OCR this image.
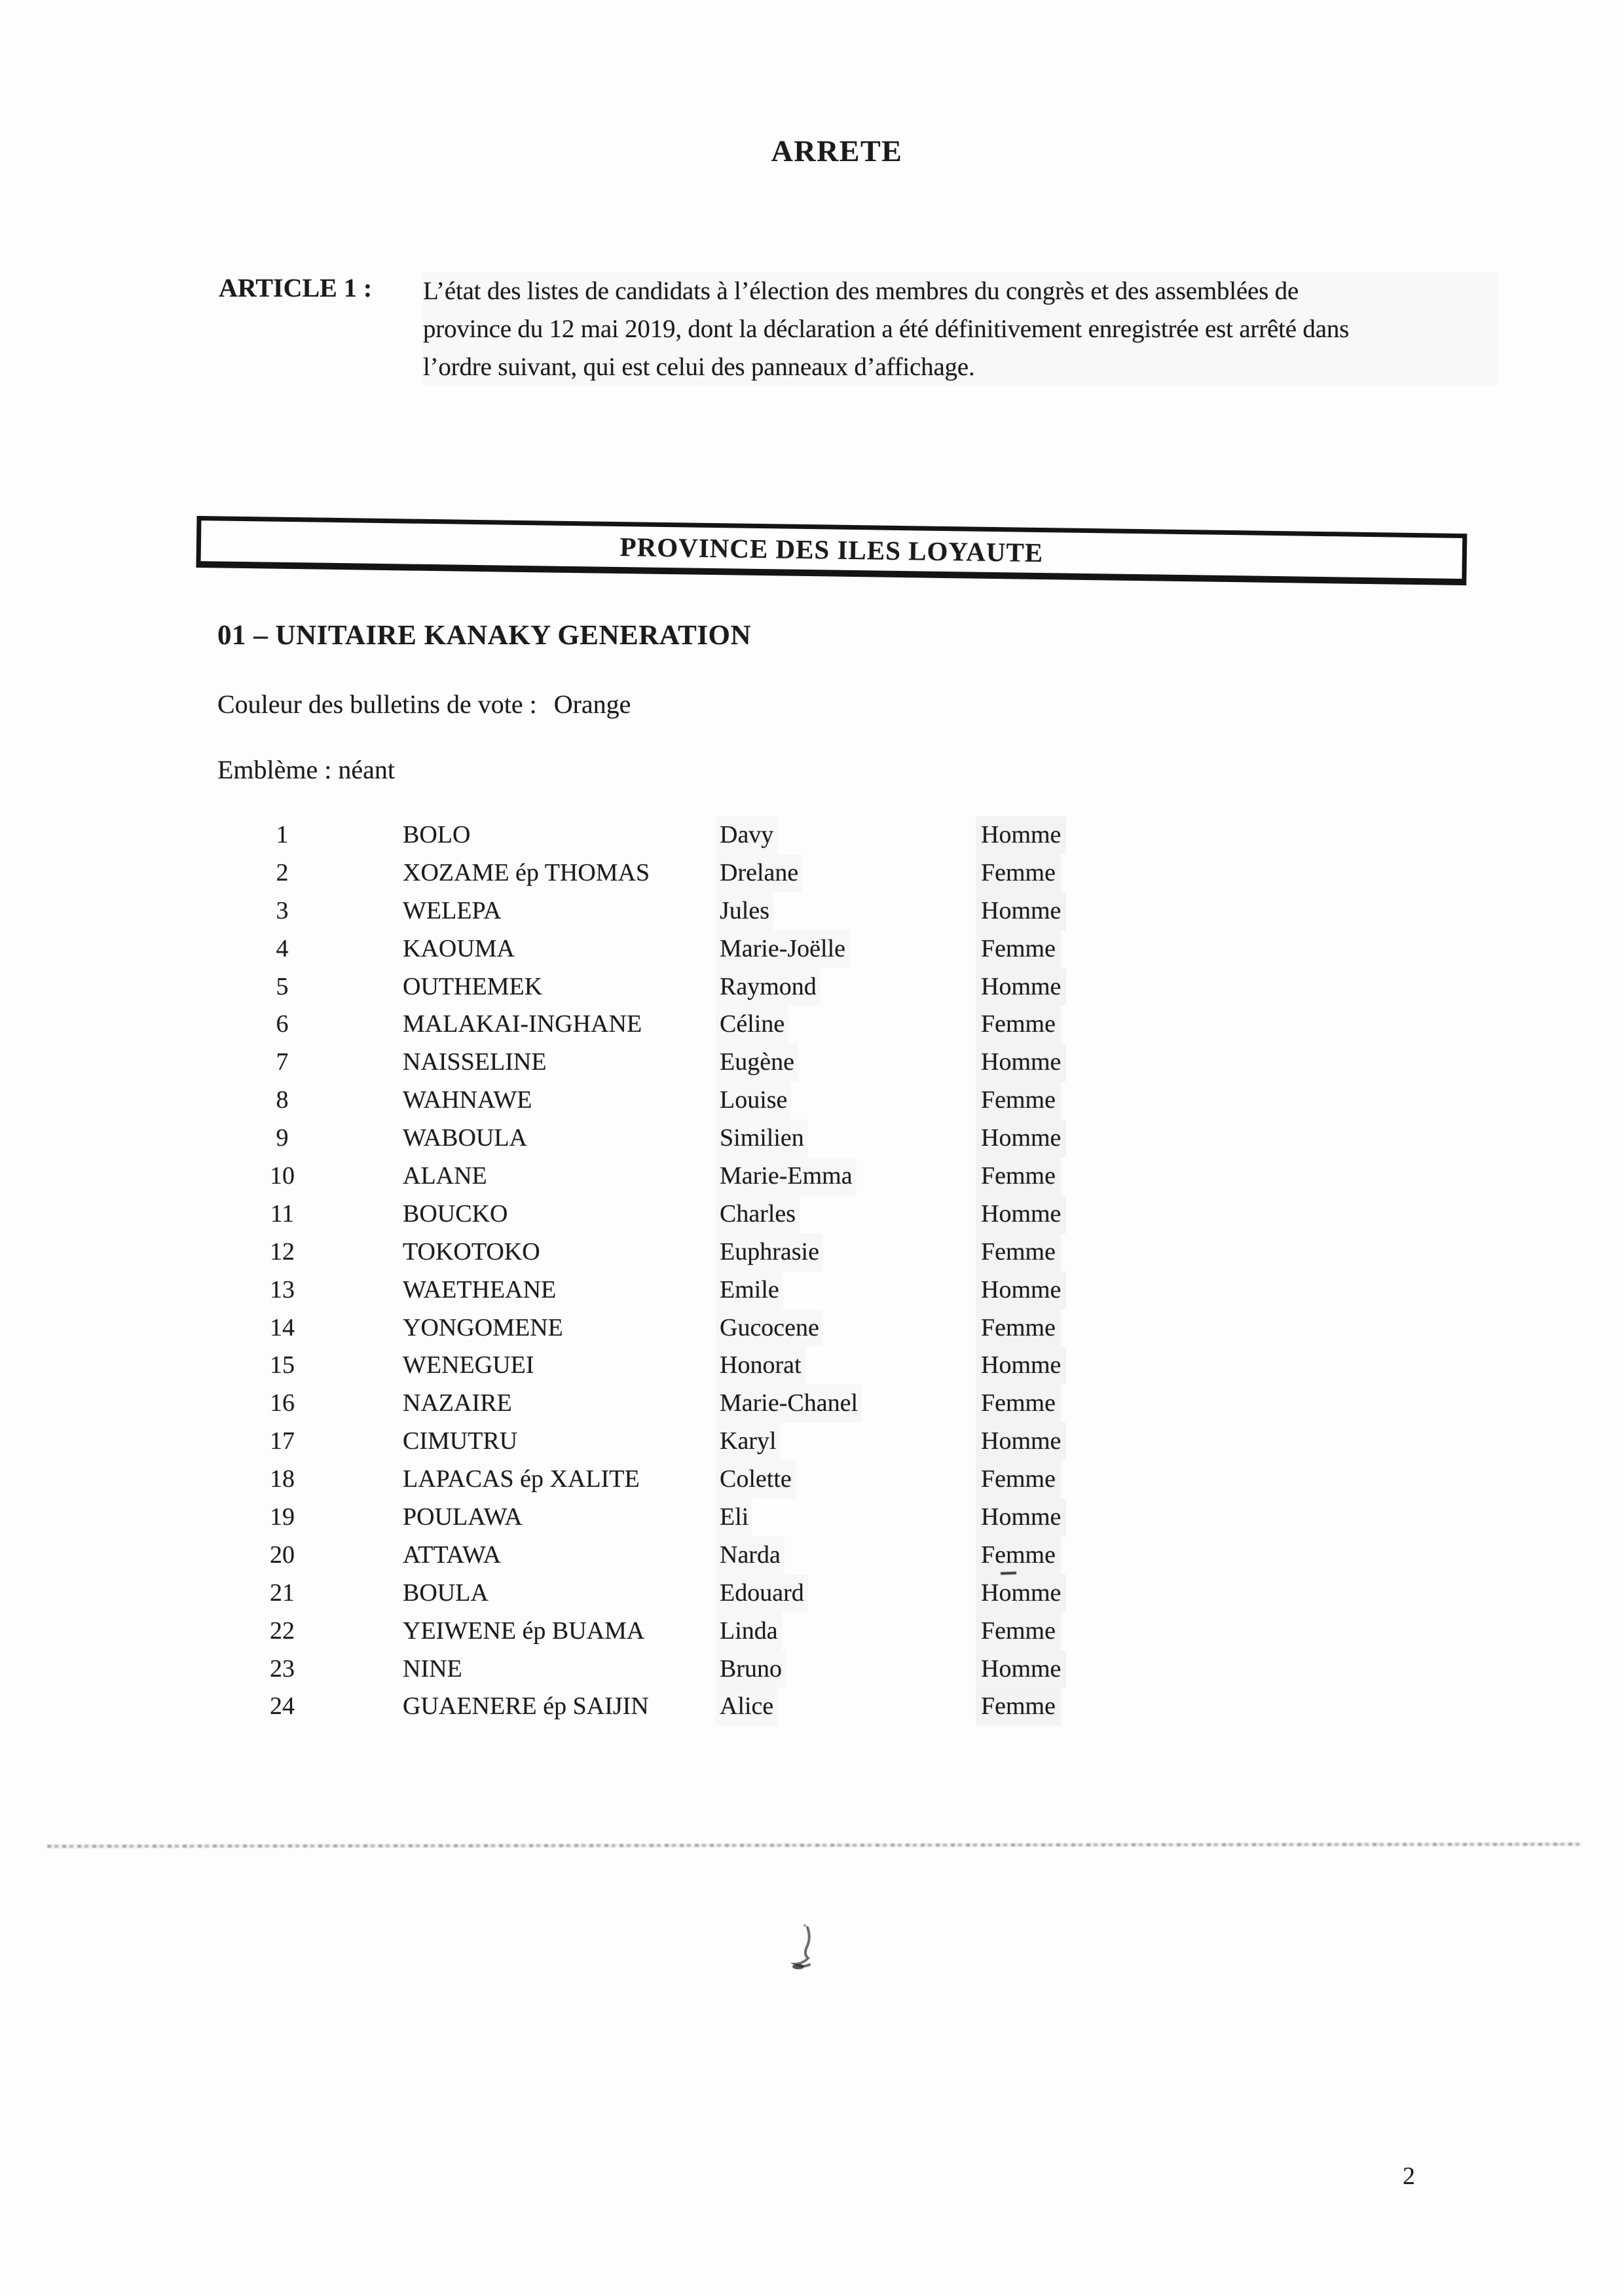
ARRETE
ARTICLE 1 : L’état des listes de candidats à l’élection des membres du congrès et des assemblées de
province du 12 mai 2019, dont la déclaration a été définitivement enregistrée est arrêté dans
l’ordre suivant, qui est celui des panneaux d’affichage.
PROVINCE DES ILES LOYAUTE
01 – UNITAIRE KANAKY GENERATION
Couleur des bulletins de vote : Orange
Emblème : néant
1	BOLO	Davy	Homme
2	XOZAME ép THOMAS	Drelane	Femme
3	WELEPA	Jules	Homme
4	KAOUMA	Marie-Joëlle	Femme
5	OUTHEMEK	Raymond	Homme
6	MALAKAI-INGHANE	Céline	Femme
7	NAISSELINE	Eugène	Homme
8	WAHNAWE	Louise	Femme
9	WABOULA	Similien	Homme
10	ALANE	Marie-Emma	Femme
11	BOUCKO	Charles	Homme
12	TOKOTOKO	Euphrasie	Femme
13	WAETHEANE	Emile	Homme
14	YONGOMENE	Gucocene	Femme
15	WENEGUEI	Honorat	Homme
16	NAZAIRE	Marie-Chanel	Femme
17	CIMUTRU	Karyl	Homme
18	LAPACAS ép XALITE	Colette	Femme
19	POULAWA	Eli	Homme
20	ATTAWA	Narda	Femme
21	BOULA	Edouard	Homme
22	YEIWENE ép BUAMA	Linda	Femme
23	NINE	Bruno	Homme
24	GUAENERE ép SAIJIN	Alice	Femme
2
